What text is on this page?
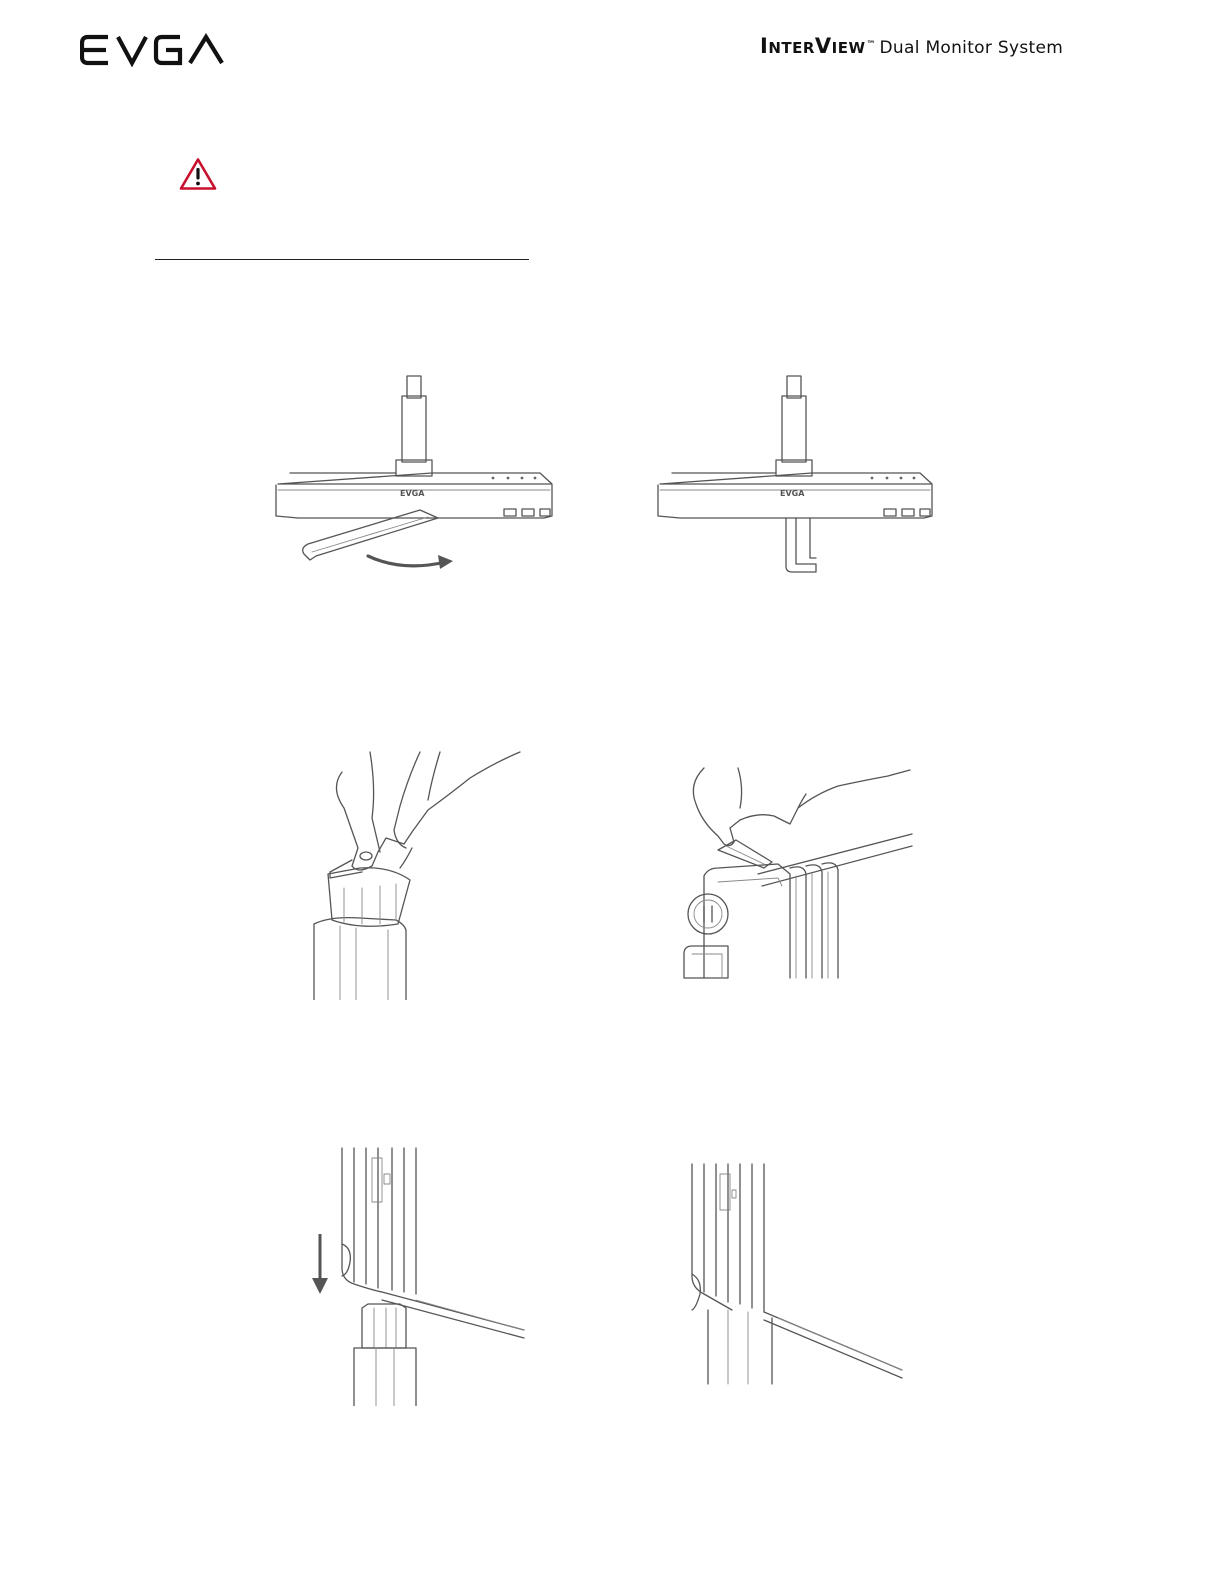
InterView™ Dual Monitor System
EVGA	EVGA
